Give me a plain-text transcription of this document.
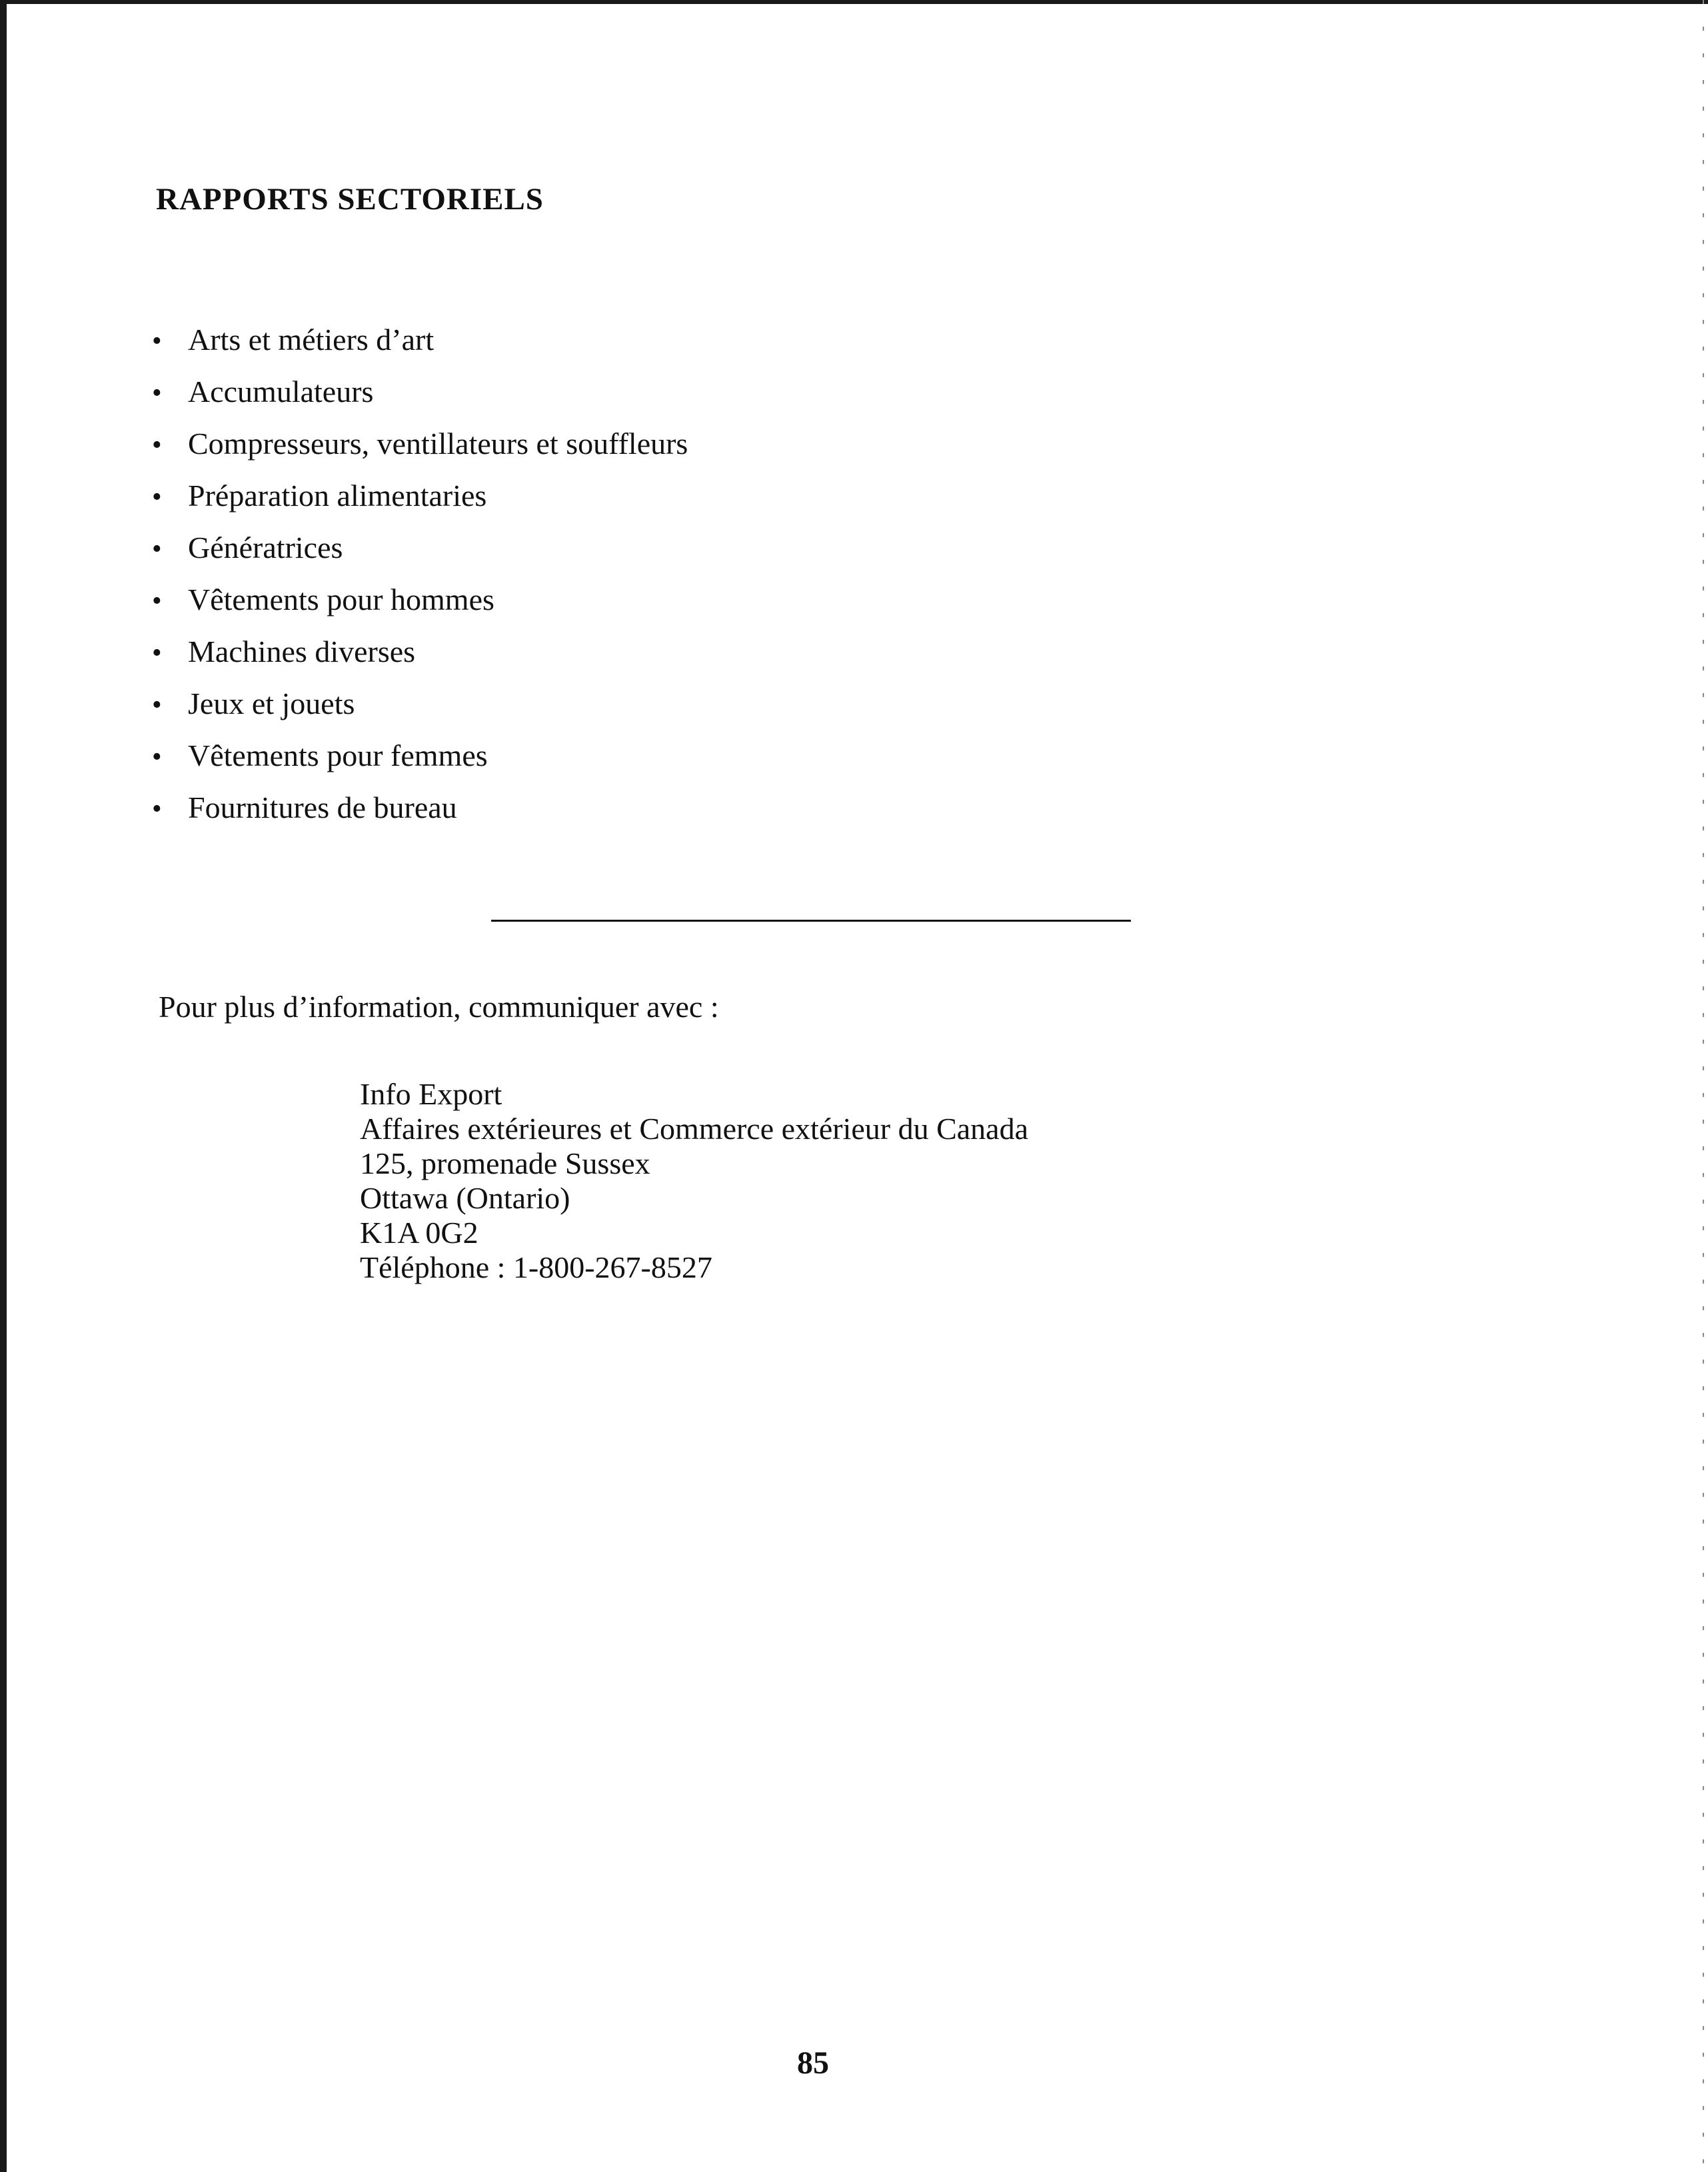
RAPPORTS SECTORIELS
• Arts et métiers d’art
• Accumulateurs
• Compresseurs, ventillateurs et souffleurs
• Préparation alimentaries
• Génératrices
• Vêtements pour hommes
• Machines diverses
• Jeux et jouets
• Vêtements pour femmes
• Fournitures de bureau

Pour plus d’information, communiquer avec :

Info Export
Affaires extérieures et Commerce extérieur du Canada
125, promenade Sussex
Ottawa (Ontario)
K1A 0G2
Téléphone : 1-800-267-8527

85
